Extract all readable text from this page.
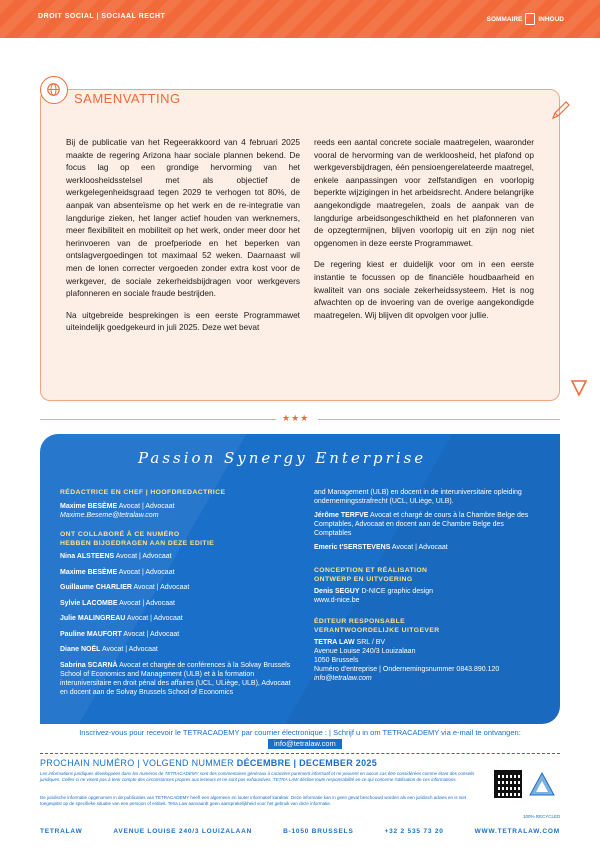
DROIT SOCIAL | SOCIAAL RECHT	SOMMAIRE INHOUD
SAMENVATTING

Bij de publicatie van het Regeerakkoord van 4 februari 2025 maakte de regering Arizona haar sociale plannen bekend. De focus lag op een grondige hervorming van het werkloosheidsstelsel met als objectief de werkgelegenheidsgraad tegen 2029 te verhogen tot 80%, de aanpak van absenteïsme op het werk en de re-integratie van langdurige zieken, het langer actief houden van werknemers, meer flexibiliteit en mobiliteit op het werk, onder meer door het herinvoeren van de proefperiode en het beperken van ontslagvergoedingen tot maximaal 52 weken. Daarnaast wil men de lonen correcter vergoeden zonder extra kost voor de werkgever, de sociale zekerheidsbijdragen voor werkgevers plafonneren en sociale fraude bestrijden.

Na uitgebreide besprekingen is een eerste Programmawet uiteindelijk goedgekeurd in juli 2025. Deze wet bevat

reeds een aantal concrete sociale maatregelen, waaronder vooral de hervorming van de werkloosheid, het plafond op werkgeversbijdragen, één pensioengerelateerde maatregel, enkele aanpassingen voor zelfstandigen en voorlopig beperkte wijzigingen in het arbeidsrecht. Andere belangrijke aangekondigde maatregelen, zoals de aanpak van de langdurige arbeidsongeschiktheid en het plafonneren van de opzegtermijnen, blijven voorlopig uit en zijn nog niet opgenomen in deze eerste Programmawet.

De regering kiest er duidelijk voor om in een eerste instantie te focussen op de financiële houdbaarheid en kwaliteit van ons sociale zekerheidssysteem. Het is nog afwachten op de invoering van de overige aangekondigde maatregelen. Wij blijven dit opvolgen voor jullie.

★★★
Passion Synergy Enterprise
RÉDACTRICE EN CHEF | HOOFDREDACTRICE
Maxime BESÈME Avocat | Advocaat
Maxime.Beseme@tetralaw.com
ONT COLLABORÉ À CE NUMÉRO
HEBBEN BIJGEDRAGEN AAN DEZE EDITIE
Nina ALSTEENS Avocat | Advocaat
Maxime BESÈME Avocat | Advocaat
Guillaume CHARLIER Avocat | Advocaat
Sylvie LACOMBE Avocat | Advocaat
Julie MALINGREAU Avocat | Advocaat
Pauline MAUFORT Avocat | Advocaat
Diane NOËL Avocat | Advocaat
Sabrina SCARNÀ Avocat et chargée de conférences à la Solvay Brussels School of Economics and Management (ULB) et à la formation interuniversitaire en droit pénal des affaires (UCL, ULiège, ULB), Advocaat en docent aan de Solvay Brussels School of Economics
and Management (ULB) en docent in de interuniversitaire opleiding ondernemingsstrafrecht (UCL, ULiège, ULB).
Jérôme TERFVE Avocat et chargé de cours à la Chambre Belge des Comptables, Advocaat en docent aan de Chambre Belge des Comptables
Emeric t'SERSTEVENS Avocat | Advocaat
CONCEPTION ET RÉALISATION
ONTWERP EN UITVOERING
Denis SEGUY D-NICE graphic design
www.d-nice.be
ÉDITEUR RESPONSABLE
VERANTWOORDELIJKE UITGEVER
TETRA LAW SRL / BV
Avenue Louise 240/3 Louizalaan
1050 Brussels
Numéro d'entreprise | Ondernemingsnummer 0843.890.120
info@tetralaw.com
Inscrivez-vous pour recevoir le TETRACADEMY par courrier électronique : | Schrijf u in om TETRACADEMY via e-mail te ontvangen:
info@tetralaw.com
PROCHAIN NUMÉRO | VOLGEND NUMMER DÉCEMBRE | DECEMBER 2025
Les informations juridiques développées dans les numéros de TETRACADEMY sont des commentaires généraux à caractère purement informatif et ne peuvent en aucun cas être considérées comme étant des conseils juridiques. Celles-ci ne visent pas à tenir compte des circonstances propres aux lecteurs et ne sont pas exhaustives. TETRA LAW décline toute responsabilité en ce qui concerne l'utilisation de ces informations.
De juridische informatie opgenomen in de publicaties van TETRACADEMY heeft een algemeen en louter informatief karakter. Deze informatie kan in geen geval beschouwd worden als een juridisch advies en is niet toegespitst op de specifieke situatie van een persoon of entiteit. Tetra Law aanvaardt geen aansprakelijkheid voor het gebruik van deze informatie.
100% RECYCLED
TETRALAW	AVENUE LOUISE 240/3 LOUIZALAAN	B-1050 BRUSSELS	+32 2 535 73 20	WWW.TETRALAW.COM
